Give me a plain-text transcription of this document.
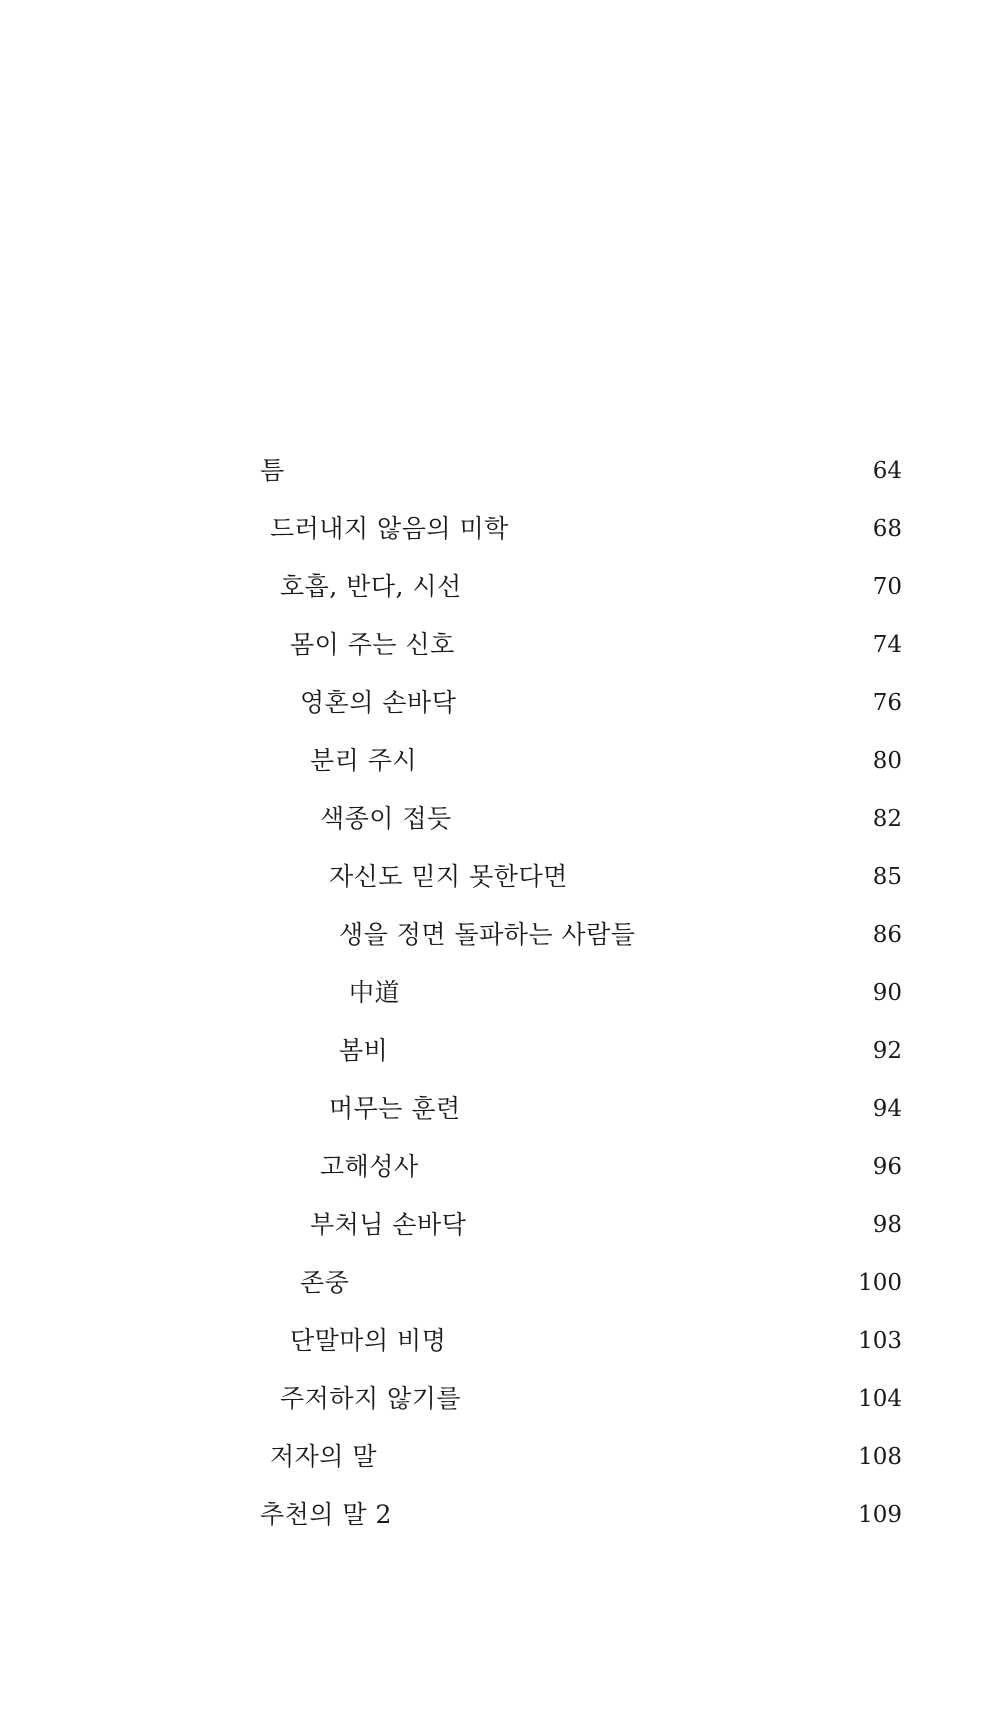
틈	64
드러내지 않음의 미학	68
호흡, 반다, 시선	70
몸이 주는 신호	74
영혼의 손바닥	76
분리 주시	80
색종이 접듯	82
자신도 믿지 못한다면	85
생을 정면 돌파하는 사람들	86
中道	90
봄비	92
머무는 훈련	94
고해성사	96
부처님 손바닥	98
존중	100
단말마의 비명	103
주저하지 않기를	104
저자의 말	108
추천의 말 2	109
